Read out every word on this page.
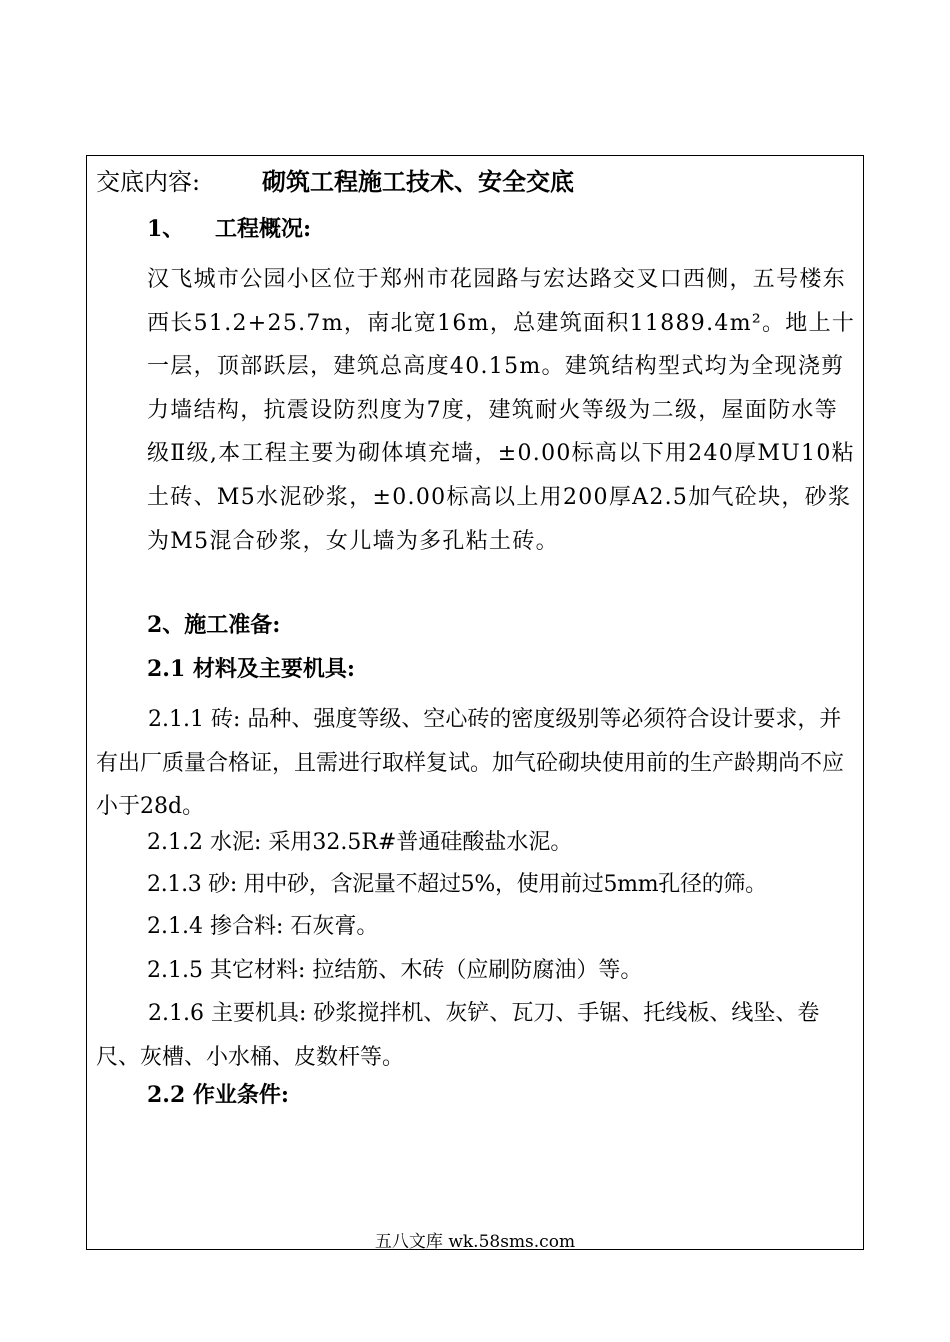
交底内容:	砌筑工程施工技术、安全交底
1、    工程概况:
汉飞城市公园小区位于郑州市花园路与宏达路交叉口西侧，五号楼东西长51.2+25.7m，南北宽16m，总建筑面积11889.4m²。地上十一层，顶部跃层，建筑总高度40.15m。建筑结构型式均为全现浇剪力墙结构，抗震设防烈度为7度，建筑耐火等级为二级，屋面防水等级Ⅱ级,本工程主要为砌体填充墙，±0.00标高以下用240厚MU10粘土砖、M5水泥砂浆，±0.00标高以上用200厚A2.5加气砼块，砂浆为M5混合砂浆，女儿墙为多孔粘土砖。
2、施工准备:
2.1 材料及主要机具:
2.1.1 砖: 品种、强度等级、空心砖的密度级别等必须符合设计要求，并有出厂质量合格证，且需进行取样复试。加气砼砌块使用前的生产龄期尚不应小于28d。
2.1.2 水泥: 采用32.5R#普通硅酸盐水泥。
2.1.3 砂: 用中砂，含泥量不超过5%，使用前过5mm孔径的筛。
2.1.4 掺合料: 石灰膏。
2.1.5 其它材料: 拉结筋、木砖（应刷防腐油）等。
2.1.6 主要机具: 砂浆搅拌机、灰铲、瓦刀、手锯、托线板、线坠、卷尺、灰槽、小水桶、皮数杆等。
2.2 作业条件:
五八文库 wk.58sms.com
